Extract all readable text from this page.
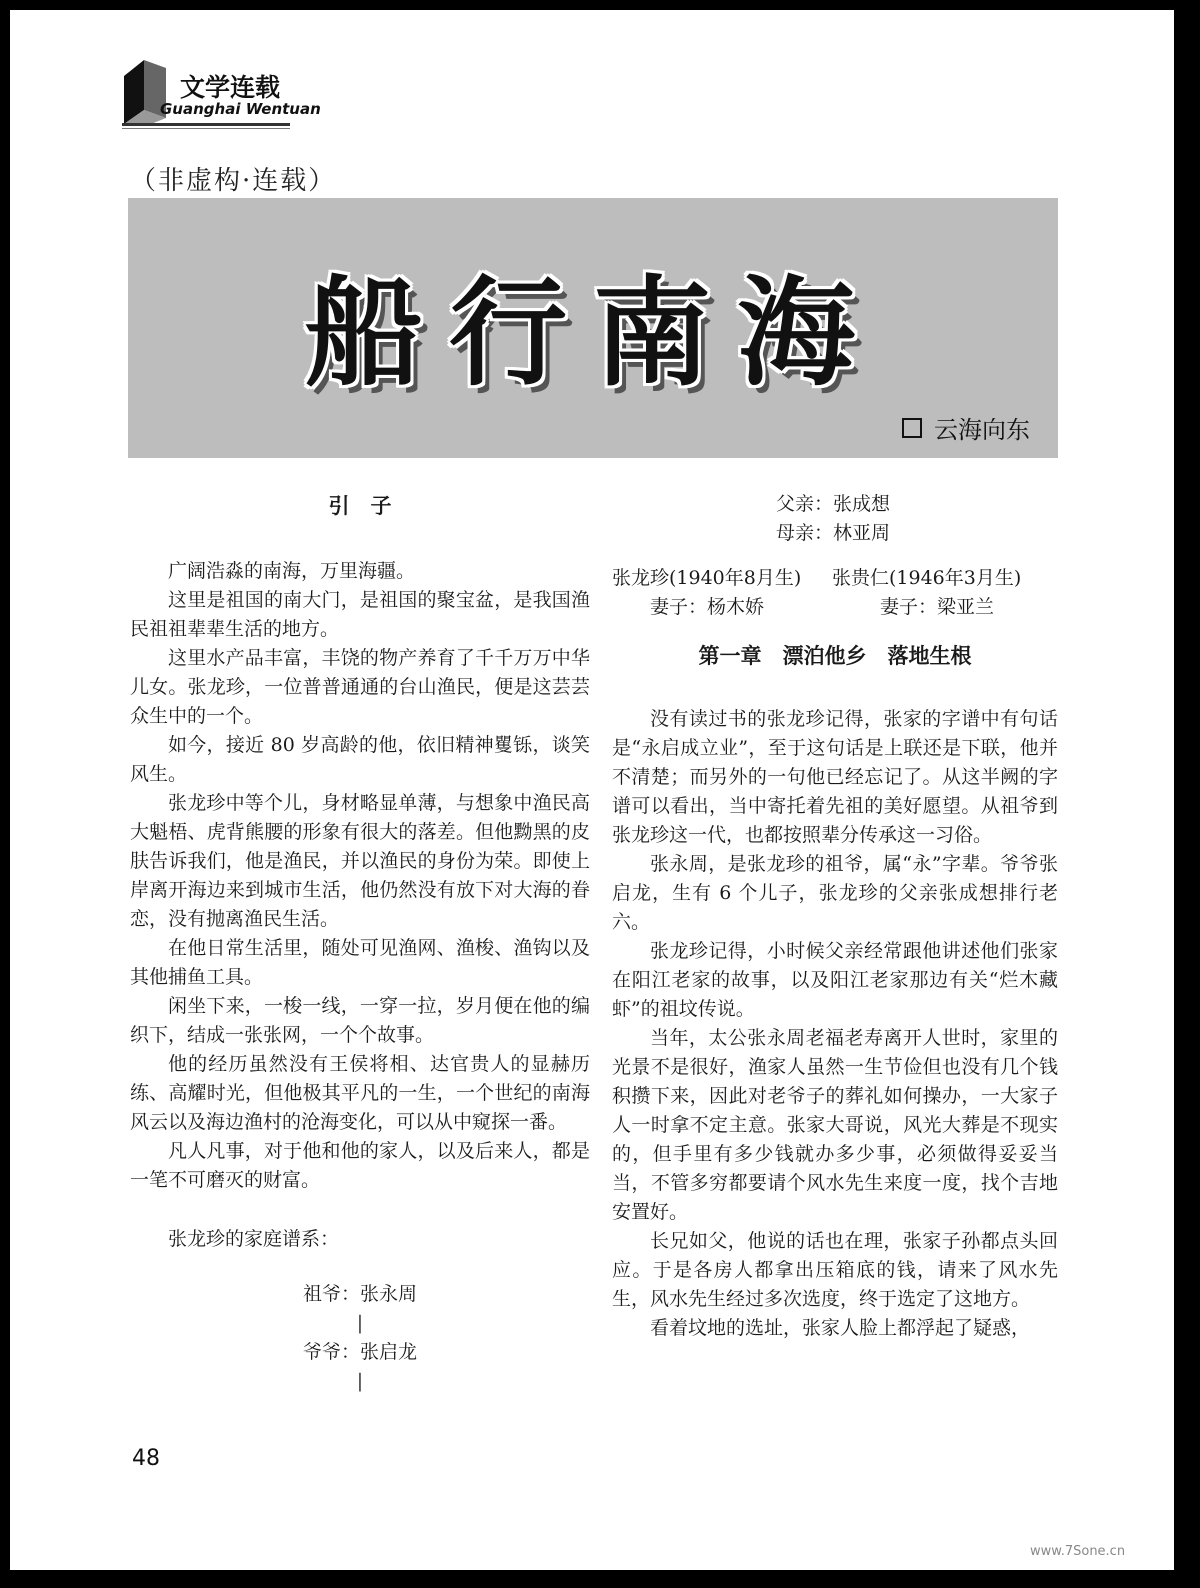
文学连载
Guanghai Wentuan
（非虚构·连载）
船行南海
云海向东
引　子

广阔浩淼的南海，万里海疆。

这里是祖国的南大门，是祖国的聚宝盆，是我国渔民祖祖辈辈生活的地方。

这里水产品丰富，丰饶的物产养育了千千万万中华儿女。张龙珍，一位普普通通的台山渔民，便是这芸芸众生中的一个。

如今，接近 80 岁高龄的他，依旧精神矍铄，谈笑风生。

张龙珍中等个儿，身材略显单薄，与想象中渔民高大魁梧、虎背熊腰的形象有很大的落差。但他黝黑的皮肤告诉我们，他是渔民，并以渔民的身份为荣。即使上岸离开海边来到城市生活，他仍然没有放下对大海的眷恋，没有抛离渔民生活。

在他日常生活里，随处可见渔网、渔梭、渔钩以及其他捕鱼工具。

闲坐下来，一梭一线，一穿一拉，岁月便在他的编织下，结成一张张网，一个个故事。

他的经历虽然没有王侯将相、达官贵人的显赫历练、高耀时光，但他极其平凡的一生，一个世纪的南海风云以及海边渔村的沧海变化，可以从中窥探一番。

凡人凡事，对于他和他的家人，以及后来人，都是一笔不可磨灭的财富。

张龙珍的家庭谱系：

祖爷：张永周
|
爷爷：张启龙
|
父亲：张成想
母亲：林亚周
张龙珍(1940年8月生)
妻子：杨木娇
张贵仁(1946年3月生)
妻子：梁亚兰
第一章　漂泊他乡　落地生根

没有读过书的张龙珍记得，张家的字谱中有句话是“永启成立业”，至于这句话是上联还是下联，他并不清楚；而另外的一句他已经忘记了。从这半阙的字谱可以看出，当中寄托着先祖的美好愿望。从祖爷到张龙珍这一代，也都按照辈分传承这一习俗。

张永周，是张龙珍的祖爷，属“永”字辈。爷爷张启龙，生有 6 个儿子，张龙珍的父亲张成想排行老六。

张龙珍记得，小时候父亲经常跟他讲述他们张家在阳江老家的故事，以及阳江老家那边有关“烂木藏虾”的祖坟传说。

当年，太公张永周老福老寿离开人世时，家里的光景不是很好，渔家人虽然一生节俭但也没有几个钱积攒下来，因此对老爷子的葬礼如何操办，一大家子人一时拿不定主意。张家大哥说，风光大葬是不现实的，但手里有多少钱就办多少事，必须做得妥妥当当，不管多穷都要请个风水先生来度一度，找个吉地安置好。

长兄如父，他说的话也在理，张家子孙都点头回应。于是各房人都拿出压箱底的钱，请来了风水先生，风水先生经过多次选度，终于选定了这地方。

看着坟地的选址，张家人脸上都浮起了疑惑，

48
www.7Sone.cn
